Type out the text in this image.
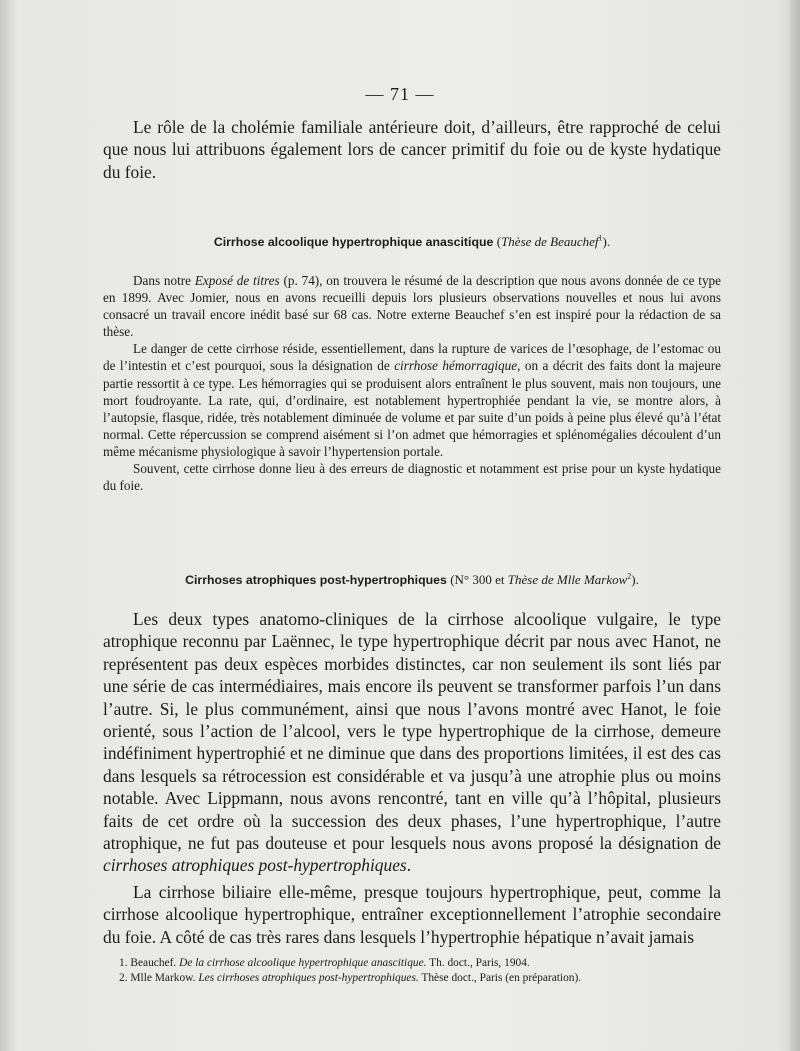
— 71 —

Le rôle de la cholémie familiale antérieure doit, d’ailleurs, être rapproché de celui que nous lui attribuons également lors de cancer primitif du foie ou de kyste hydatique du foie.

Cirrhose alcoolique hypertrophique anascitique (Thèse de Beauchef$^1$).

Dans notre Exposé de titres (p. 74), on trouvera le résumé de la description que nous avons donnée de ce type en 1899. Avec Jomier, nous en avons recueilli depuis lors plusieurs observations nouvelles et nous lui avons consacré un travail encore inédit basé sur 68 cas. Notre externe Beauchef s’en est inspiré pour la rédaction de sa thèse.

Le danger de cette cirrhose réside, essentiellement, dans la rupture de varices de l’œsophage, de l’estomac ou de l’intestin et c’est pourquoi, sous la désignation de cirrhose hémorragique, on a décrit des faits dont la majeure partie ressortit à ce type. Les hémorragies qui se produisent alors entraînent le plus souvent, mais non toujours, une mort foudroyante. La rate, qui, d’ordinaire, est notablement hypertrophiée pendant la vie, se montre alors, à l’autopsie, flasque, ridée, très notablement diminuée de volume et par suite d’un poids à peine plus élevé qu’à l’état normal. Cette répercussion se comprend aisément si l’on admet que hémorragies et splénomégalies découlent d’un même mécanisme physiologique à savoir l’hypertension portale.

Souvent, cette cirrhose donne lieu à des erreurs de diagnostic et notamment est prise pour un kyste hydatique du foie.

Cirrhoses atrophiques post-hypertrophiques (N° 300 et Thèse de Mlle Markow$^2$).

Les deux types anatomo-cliniques de la cirrhose alcoolique vulgaire, le type atrophique reconnu par Laënnec, le type hypertrophique décrit par nous avec Hanot, ne représentent pas deux espèces morbides distinctes, car non seulement ils sont liés par une série de cas intermédiaires, mais encore ils peuvent se transformer parfois l’un dans l’autre. Si, le plus communément, ainsi que nous l’avons montré avec Hanot, le foie orienté, sous l’action de l’alcool, vers le type hypertrophique de la cirrhose, demeure indéfiniment hypertrophié et ne diminue que dans des proportions limitées, il est des cas dans lesquels sa rétrocession est considérable et va jusqu’à une atrophie plus ou moins notable. Avec Lippmann, nous avons rencontré, tant en ville qu’à l’hôpital, plusieurs faits de cet ordre où la succession des deux phases, l’une hypertrophique, l’autre atrophique, ne fut pas douteuse et pour lesquels nous avons proposé la désignation de cirrhoses atrophiques post-hypertrophiques.

La cirrhose biliaire elle-même, presque toujours hypertrophique, peut, comme la cirrhose alcoolique hypertrophique, entraîner exceptionnellement l’atrophie secondaire du foie. A côté de cas très rares dans lesquels l’hypertrophie hépatique n’avait jamais

1. Beauchef. De la cirrhose alcoolique hypertrophique anascitique. Th. doct., Paris, 1904.
2. Mlle Markow. Les cirrhoses atrophiques post-hypertrophiques. Thèse doct., Paris (en préparation).
